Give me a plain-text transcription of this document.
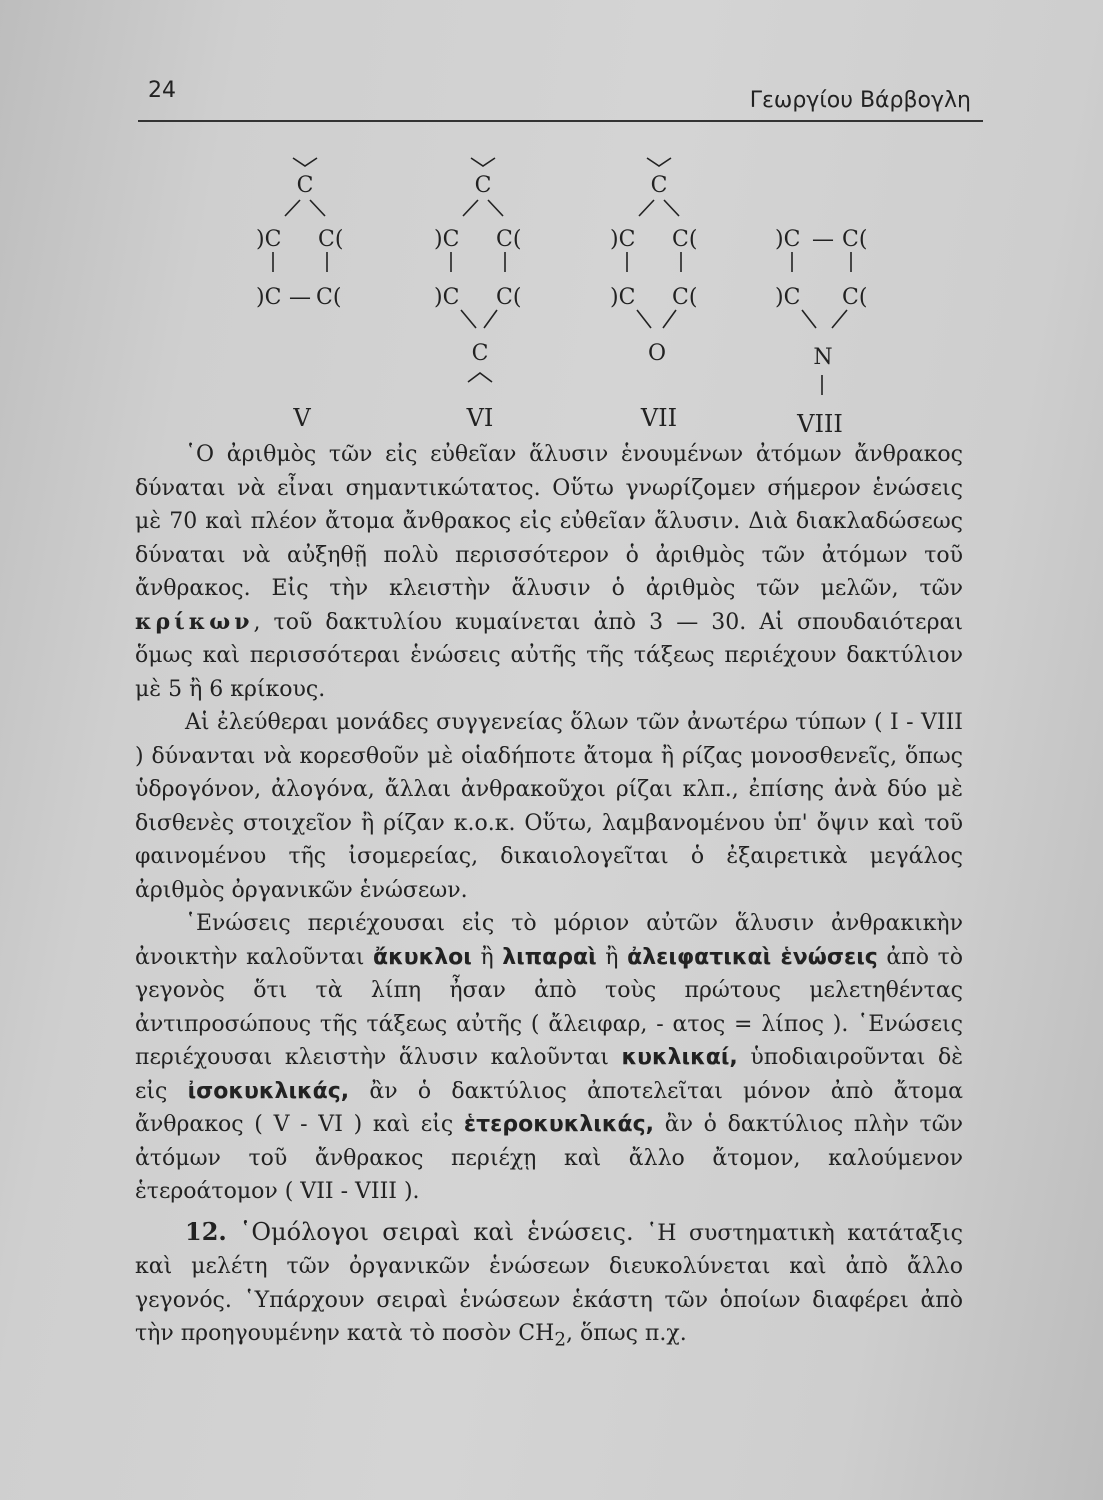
24	Γεωργίου Βάρβογλη
C
)C C(
)C — C(
V
C
)C C(
)C C(
C
VI
C
)C C(
)C C(
O
VII
)C — C(
)C C(
N
VIII

῾Ο ἀριθμὸς τῶν εἰς εὐθεῖαν ἅλυσιν ἑνουμένων ἀτόμων ἄνθρακος δύναται νὰ εἶναι σημαντικώτατος. Οὕτω γνωρίζομεν σήμερον ἑνώσεις μὲ 70 καὶ πλέον ἄτομα ἄνθρακος εἰς εὐθεῖαν ἅλυσιν. Διὰ διακλαδώσεως δύναται νὰ αὐξηθῇ πολὺ περισσότερον ὁ ἀριθμὸς τῶν ἀτόμων τοῦ ἄνθρακος. Εἰς τὴν κλειστὴν ἅλυσιν ὁ ἀριθμὸς τῶν μελῶν, τῶν κρίκων, τοῦ δακτυλίου κυμαίνεται ἀπὸ 3 — 30. Αἱ σπουδαιότεραι ὅμως καὶ περισσότεραι ἑνώσεις αὐτῆς τῆς τάξεως περιέχουν δακτύλιον μὲ 5 ἢ 6 κρίκους.

Αἱ ἐλεύθεραι μονάδες συγγενείας ὅλων τῶν ἀνωτέρω τύπων ( I - VIII ) δύνανται νὰ κορεσθοῦν μὲ οἱαδήποτε ἄτομα ἢ ρίζας μονοσθενεῖς, ὅπως ὑδρογόνον, ἀλογόνα, ἄλλαι ἀνθρακοῦχοι ρίζαι κλπ., ἐπίσης ἀνὰ δύο μὲ δισθενὲς στοιχεῖον ἢ ρίζαν κ.ο.κ. Οὕτω, λαμβανομένου ὑπ' ὄψιν καὶ τοῦ φαινομένου τῆς ἰσομερείας, δικαιολογεῖται ὁ ἐξαιρετικὰ μεγάλος ἀριθμὸς ὀργανικῶν ἑνώσεων.

῾Ενώσεις περιέχουσαι εἰς τὸ μόριον αὐτῶν ἅλυσιν ἀνθρακικὴν ἀνοικτὴν καλοῦνται ἄκυκλοι ἢ λιπαραὶ ἢ ἀλειφατικαὶ ἑνώσεις ἀπὸ τὸ γεγονὸς ὅτι τὰ λίπη ἦσαν ἀπὸ τοὺς πρώτους μελετηθέντας ἀντιπροσώπους τῆς τάξεως αὐτῆς ( ἄλειφαρ, - ατος = λίπος ). ῾Ενώσεις περιέχουσαι κλειστὴν ἅλυσιν καλοῦνται κυκλικαί, ὑποδιαιροῦνται δὲ εἰς ἰσοκυκλικάς, ἂν ὁ δακτύλιος ἀποτελεῖται μόνον ἀπὸ ἄτομα ἄνθρακος ( V - VI ) καὶ εἰς ἑτεροκυκλικάς, ἂν ὁ δακτύλιος πλὴν τῶν ἀτόμων τοῦ ἄνθρακος περιέχῃ καὶ ἄλλο ἄτομον, καλούμενον ἑτεροάτομον ( VII - VIII ).

12. ῾Ομόλογοι σειραὶ καὶ ἑνώσεις. ῾Η συστηματικὴ κατάταξις καὶ μελέτη τῶν ὀργανικῶν ἑνώσεων διευκολύνεται καὶ ἀπὸ ἄλλο γεγονός. ῾Υπάρχουν σειραὶ ἑνώσεων ἑκάστη τῶν ὁποίων διαφέρει ἀπὸ τὴν προηγουμένην κατὰ τὸ ποσὸν $CH_2$, ὅπως π.χ.
